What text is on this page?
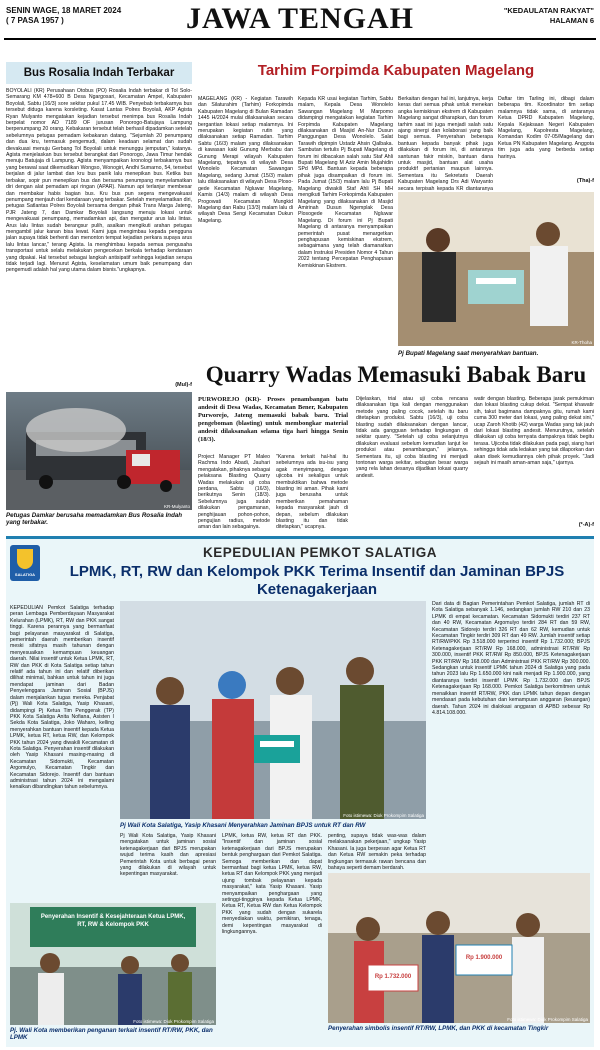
SENIN WAGE, 18 MARET 2024
( 7 PASA 1957 )	JAWA TENGAH	"KEDAULATAN RAKYAT"
HALAMAN 6
Bus Rosalia Indah Terbakar
BOYOLALI (KR) Perusahaan Otobus (PO) Rosalia Indah terbakar di Tol Solo-Semarang KM 478+600 B Desa Ngargosari, Kecamatan Ampel, Kabupaten Boyolali, Sabtu (16/3) sore sekitar pukul 17.45 WIB. Penyebab terbakarnya bus tersebut diduga karena korsleting. Kasat Lantas Polres Boyolali, AKP Agista Ryan Mulyanto mengatakan kejadian tersebut menimpa bus Rosalia Indah berpelat nomor AD 7189 OF jurusan Ponorogo-Batujaya Lampung berpenumpang 20 orang. Kebakaran tersebut telah berhasil dipadamkan setelah sebelumnya petugas pemadam kebakaran datang. "Sejumlah 20 penumpang dan dua kru, termasuk pengemudi, dalam keadaan selamat dan sudah dievakuasi menuju Gerbang Tol Boyolali untuk menunggu jemputan," katanya. Agista menjelaskan bus tersebut berangkat dari Ponorogo, Jawa Timur hendak menuju Batujaja di Lampung. Agista menyampaikan kronologi terbakarnya bus yang berawal saat dikemudikan Wongso, Wonogiri, Andhi Sumarno, 54, tersebut berjalan di jalur lambat dan kru bus panik lalu menepikan bus. Ketika bus terbakar, sopir pun menepikan bus dan bersama penumpang menyelamatkan diri dengan alat pemadam api ringan (APAR). Namun api terlanjur membesar dan membakar habis bagian bus. Kru bus pun segera mengevakuasi penumpang menjauh dari kendaraan yang terbakar. Setelah menyelamatkan diri, petugas Satlantas Polres Boyolali bersama dengan pihak Trans Marga Jateng, PJR Jateng 7, dan Damkar Boyolali langsung menuju lokasi untuk mengevakuasi penumpang, memadamkan api, dan mengatur arus lalu lintas. Arus lalu lintas sudah berangsur pulih, asalkan mengikuti arahan petugas mengambil jalur kanan bisa lewat. Kami juga mengimbau kepada pengguna jalan supaya tidak berhenti dan menonton tempat kejadian perkara supaya arus lalu lintas lancar," terang Agista. Ia menghimbau kepada semua pengusaha transportasi untuk selalu melakukan pengecekan berkala terhadap kendaraan yang dipakai. Hal tersebut sebagai langkah antisipatif sehingga kejadian serupa tidak terjadi lagi. Menurut Agista, keselamatan umum baik penumpang dan pengemudi adalah hal yang utama dalam bisnis."ungkapnya.
(Mul)-f
KR-Mulyanto
Petugas Damkar berusaha memadamkan Bus Rosalia Indah yang terbakar.
Tarhim Forpimda Kabupaten Magelang
MAGELANG (KR) - Kegiatan Tarawih dan Silaturahim (Tarhim) Forkopimda Kabupaten Magelang di Bulan Ramadan 1445 H/2024 mulai dilaksanakan secara bergantian lokasi setiap malamnya. Ini merupakan kegiatan rutin yang dilaksanakan setiap Ramadan. Tarhim Sabtu (16/3) malam yang dilaksanakan di kawasan kaki Gunung Merbabu dan Gunung Merapi wilayah Kabupaten Magelang, tepatnya di wilayah Desa Wonolelo Kecamatan Sawangan Magelang, sedang Jumat (15/3) malam lalu dilaksanakan di wilayah Desa Ploso-gede Kecamatan Ngluwar Magelang, Kamis (14/3) malam di wilayah Desa Progowati Kecamatan Mungkid Magelang dan Rabu (13/3) malam lalu di wilayah Desa Sengi Kecamatan Dukun Magelang.
Kepada KR usai kegiatan Tarhim, Sabtu malam, Kepala Desa Wonolelo Sawangan Magelang M Marpomo didampingi mengatakan kegiatan Tarhim Forpimda Kabupaten Magelang dilaksanakan di Masjid An-Nur Dusun Panggungan Desa Wonolelo. Salat Tarawih dipimpin Ustadz Ahsin Qalbaka. Sambutan tertulis Pj Bupati Magelang di forum ini dibacakan salah satu Staf Ahli Bupati Magelang M Aziz Amin Mujahidin SPd MPd. Bantuan kepada beberapa pihak juga disampaikan di forum ini. Pada Jumat (15/3) malam lalu Pj Bupati Magelang diwakili Staf Ahli SH MH mengikuti Tarhim Forkopimda Kabupaten Magelang yang dilaksanakan di Masjid Amirinah Dusun Ngemplak Desa Plosogede Kecamatan Ngluwar Magelang. Di forum ini Pj Bupati Magelang di antaranya menyampaikan pemerintah pusat menargetkan penghapusan kemiskinan ekstrem, sebagaimana yang telah diamanatkan dalam Instruksi Presiden Nomor 4 Tahun 2022 tentang Percepatan Penghapusan Kemiskinan Ekstrem.
Berkaitan dengan hal ini, lanjutnya, kerja keras dari semua pihak untuk menekan angka kemiskinan ekstrem di Kabupaten Magelang sangat diharapkan, dan forum tarhim saat ini juga menjadi salah satu ajang sinergi dan kolaborasi yang baik bagi semua. Penyerahan beberapa bantuan kepada banyak pihak juga dilakukan di forum ini, di antaranya santunan fakir miskin, bantuan dana untuk masjid, bantuan alat usaha produktif pertanian maupun lainnya. Sementara itu Sekretaris Daerah Kabupaten Magelang Drs Adi Waryanto secara terpisah kepada KR diantaranya
Daftar tim Tarling ini, dibagi dalam beberapa tim. Koordinator tim setiap malamnya tidak sama, di antaranya Ketua DPRD Kabupaten Magelang, Kepala Kejaksaan Negeri Kabupaten Magelang, Kapolresta Magelang, Komandan Kodim 07-05/Magelang dan Ketua PN Kabupaten Magelang. Anggota tim juga ada yang berbeda setiap harinya.
(Tha)-f
KR-Thoha
Pj Bupati Magelang saat menyerahkan bantuan.
Quarry Wadas Memasuki Babak Baru
PURWOREJO (KR)- Proses penambangan batu andesit di Desa Wadas, Kecamatan Bener, Kabupaten Purworejo, Jateng memasuki babak baru. Trial pengeboman (blasting) untuk membongkar material andesit dilaksanakan selama tiga hari hingga Senin (18/3).
Project Manager PT Maleo Rachma Indo Abadi, Jauhari mengatakan, pihaknya sebagai pelaksana Blasting Quarry Wadas melakukan uji coba perdana, Sabtu (16/3), berikutnya Senin (18/3). Sebelumnya juga sudah dilakukan pengamanan, penghijauan pohon-pohon, pengujian radius, metode aman dan lain sebagainya.
"Karena terkait hal-hal itu sebelumnya ada isu-isu yang agak menyimpang, dengan ujicoba ini sekaligus untuk membuktikan bahwa metode blasting ini aman. Pihak kami juga berusaha untuk memberikan pemahaman kepada masyarakat jauh di depan, sebelum dilakukan blasting itu dan tidak ditetapkan," ucapnya.
Dijelaskan, trial atau uji coba rencana dilaksanakan tiga kali dengan menggunakan metode yang paling cocok, setelah itu baru ditetapkan produksi. Sabtu (16/3), uji coba blasting sudah dilaksanakan dengan lancar, tidak ada gangguan terhadap lingkungan di sekitar quarry. "Setelah uji coba selanjutnya dilakukan evaluasi sebelum kemudian lanjut ke produksi atau penambangan," jelasnya. Sementara itu, uji coba blasting ini menjadi tontonan warga sekitar, sebagian besar warga yang rela lahan desanya dijadikan lokasi quarry andesit.
watir dengan blasting. Beberapa jarak pemukiman dan lokasi blasting cukup dekat. "Sempat khawatir sih, takut bagimana dampaknya gitu, rumah kami cuma 300 meter dari lokasi, yang paling dekat sini," ucap Zaroh Khotib (42) warga Wadas yang tak jauh dari lokasi blasting andesit. Menurutnya, setelah dilakukan uji coba ternyata dampaknya tidak begitu terasa. Ujicoba tidak dilakukan pada pagi, siang hari sehingga tidak ada ledakan yang tak dilaporkan dan akan disek kemudiannya oleh pihak proyek. "Jadi sejauh ini masih aman-aman saja," ujarnya.
(*-A)-f
SALATIGA
KEPEDULIAN PEMKOT SALATIGA
LPMK, RT, RW dan Kelompok PKK Terima Insentif dan Jaminan BPJS Ketenagakerjaan
KEPEDULIAN Pemkot Salatiga terhadap peran Lembaga Pemberdayaan Masyarakat Kelurahan (LPMK), RT, RW dan PKK sangat tinggi. Karena perannya yang bermanfaat bagi pelayanan masyarakat di Salatiga, pemerintah daerah memberikan insentif meski sifatnya masih tahunan dengan menyesuaikan kemampuan keuangan daerah. Nilai insentif untuk Ketua LPMK, RT, RW dan PKK di Kota Salatiga setiap tahun relatif ada tahun ini dan relatif diberikan dilihat minimal, bahkan untuk tahun ini juga mendapat jaminan dari Badan Penyelenggara Jaminan Sosial (BPJS) dalam menjalankan tugas mereka. Penjabat (Pj) Wali Kota Salatiga, Yasip Khasani, didampingi Pj Ketua Tim Penggerak (TP) PKK Kota Salatiga Anita Nofiana, Asisten I Sekda Kota Salatiga, Joko Waharo, kelling menyerahkan bantuan insentif kepada Ketua LPMK, ketua RT, ketua RW, dan Kelompok PKK tahun 2024 yang diwakili Kecamatan di Kota Salatiga. Penyerahan insentif dilakukan oleh Yasip Khasani masing-masing di Kecamatan Sidomukti, Kecamatan Argomulyo, Kecamatan Tingkir dan Kecamatan Sidorejo. Insentif dan bantuan administrasi tahun 2024 ini mengalami kenaikan dibandingkan tahun sebelumnya.
Foto istimewa: Diok Prokompim Salatiga
Pj Wali Kota Salatiga, Yasip Khasani Menyerahkan Jaminan BPJS untuk RT dan RW
Pj Wali Kota Salatiga, Yasip Khasani mengatakan untuk jaminan sosial ketenagakerjaan dari BPJS merupakan wujud terima kasih dan apresiasi Pemerintah Kota untuk berbagai peran yang dilakukan di wilayah untuk kepentingan masyarakat.
LPMK, ketua RW, ketua RT dan PKK. "Insentif dan jaminan sosial ketenagakerjaan dari BPJS merupakan bentuk penghargaan dari Pemkot Salatiga. Semoga memberikan dan dapat bermanfaat bagi ketua LPMK, ketua RW, ketua RT dan Kelompok PKK yang menjadi ujung tombak pelayanan kepada masyarakat," kata Yasip Khasani. Yasip menyampaikan penghargaan yang setinggi-tingginya kepada Ketua LPMK, Ketua RT, Ketua RW dan Ketua Kelompok PKK yang sudah dengan sukarela menyediakan waktu, pemikiran, tenaga, demi kepentingan masyarakat di lingkungannya.
penting, supaya tidak was-was dalam melaksanakan pekerjaan," ungkap Yasip Khasani. Ia juga berpesan agar Ketua RT dan Ketua RW semakin peka terhadap lingkungan termasuk rawan bencana dan bahaya seperti demam berdarah.
Dari data di Bagian Pemerintahan Pemkot Salatiga, jumlah RT di Kota Salatiga sebanyak 1.146, sedangkan jumlah RW 210 dan 23 LPMK di empat kecamatan. Kecamatan Sidomukti terdiri 237 RT dan 40 RW, Kecamatan Argomulyo terdiri 284 RT dan 59 RW, Kecamatan Sidorejo terdiri 326 RT dan 62 RW, kemudian untuk Kecamatan Tingkir terdiri 309 RT dan 49 RW. Jumlah insentif setiap RT/RW/PKK Rp 3.518.000 terperinci insentif Rp 1.732.000; BPJS Ketenagakerjaan RT/RW Rp 168.000, administrasi RT/RW Rp 300.000, insentif PKK RT/RW Rp 850.000, BPJS Ketenagakerjaan PKK RT/RW Rp 168.000 dan Administrasi PKK RT/RW Rp 300.000. Sedangkan untuk insentif LPMK tahun 2024 di Salatiga yang pada tahun 2023 lalu Rp 1.650.000 kini naik menjadi Rp 1.900.000, yang diantaranya terdiri insentif LPMK Rp 1.732.000 dan BPJS Ketenagakerjaan Rp 168.000. Pemkot Salatiga berkomitmen untuk menaikkan insentif RT/RW, PKK dan LPMK tahun depan dengan mendasari pada kebutuhan dan kemampuan anggaran (keuangan) daerah. Tahun 2024 ini dialokasi anggaran di APBD sebesar Rp 4.814.108.000.
Penyerahan Insentif & Kesejahteraan Ketua LPMK, RT, RW & Kelompok PKK
Foto istimewa: Diok Prokompim Salatiga
Pj. Wali Kota memberikan penganan terkait insentif RT/RW, PKK, dan LPMK
Rp 1.900.000
Rp 1.732.000
Foto istimewa: Diok Prokompim Salatiga
Penyerahan simbolis insentif RT/RW, LPMK, dan PKK di kecamatan Tingkir
